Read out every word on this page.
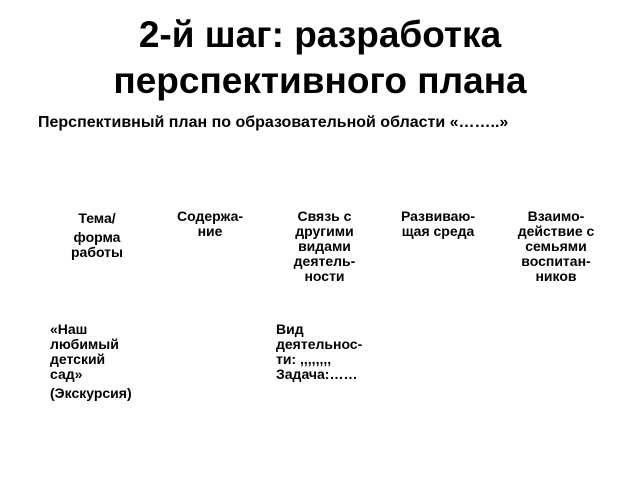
2-й шаг: разработка
перспективного плана
Перспективный план по образовательной области «……..»

Тема/

форма

работы

Содержа-

ние

Связь с

другими

видами

деятель-

ности

Развиваю-

щая среда

Взаимо-

действие с

семьями

воспитан-

ников

«Наш

любимый

детский

сад»

(Экскурсия)

Вид

деятельнос-

ти: ,,,,,,,,

Задача:……
